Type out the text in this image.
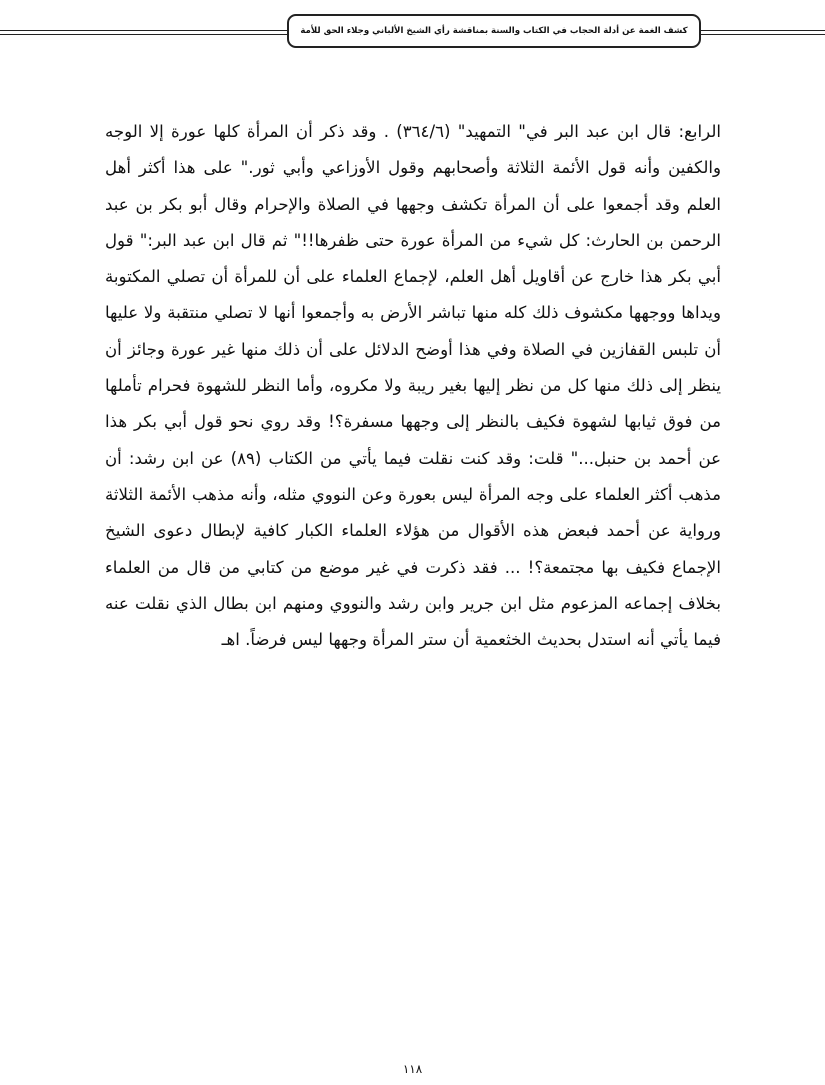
كشف الغمة عن أدلة الحجاب في الكتاب والسنة بمناقشة رأي الشيخ الألباني وجلاء الحق للأمة

الرابع: قال ابن عبد البر في" التمهيد" (٣٦٤/٦) . وقد ذكر أن المرأة كلها عورة إلا الوجه والكفين وأنه قول الأئمة الثلاثة وأصحابهم وقول الأوزاعي وأبي ثور." على هذا أكثر أهل العلم وقد أجمعوا على أن المرأة تكشف وجهها في الصلاة والإحرام وقال أبو بكر بن عبد الرحمن بن الحارث: كل شيء من المرأة عورة حتى ظفرها!!" ثم قال ابن عبد البر:" قول أبي بكر هذا خارج عن أقاويل أهل العلم، لإجماع العلماء على أن للمرأة أن تصلي المكتوبة ويداها ووجهها مكشوف ذلك كله منها تباشر الأرض به وأجمعوا أنها لا تصلي منتقبة ولا عليها أن تلبس القفازين في الصلاة وفي هذا أوضح الدلائل على أن ذلك منها غير عورة وجائز أن ينظر إلى ذلك منها كل من نظر إليها بغير ريبة ولا مكروه، وأما النظر للشهوة فحرام تأملها من فوق ثيابها لشهوة فكيف بالنظر إلى وجهها مسفرة؟! وقد روي نحو قول أبي بكر هذا عن أحمد بن حنبل..." قلت: وقد كنت نقلت فيما يأتي من الكتاب (٨٩) عن ابن رشد: أن مذهب أكثر العلماء على وجه المرأة ليس بعورة وعن النووي مثله، وأنه مذهب الأئمة الثلاثة ورواية عن أحمد فبعض هذه الأقوال من هؤلاء العلماء الكبار كافية لإبطال دعوى الشيخ الإجماع فكيف بها مجتمعة؟! ... فقد ذكرت في غير موضع من كتابي من قال من العلماء بخلاف إجماعه المزعوم مثل ابن جرير وابن رشد والنووي ومنهم ابن بطال الذي نقلت عنه فيما يأتي أنه استدل بحديث الخثعمية أن ستر المرأة وجهها ليس فرضاً. اهـ

١١٨
